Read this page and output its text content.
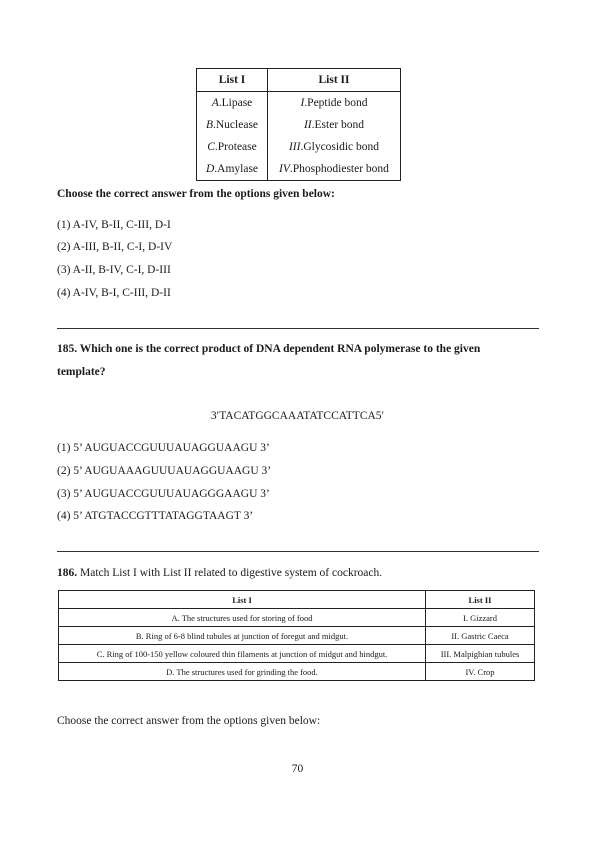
List I	List II
A.Lipase	I.Peptide bond
B.Nuclease	II.Ester bond
C.Protease	III.Glycosidic bond
D.Amylase	IV.Phosphodiester bond
Choose the correct answer from the options given below:
(1) A-IV, B-II, C-III, D-I
(2) A-III, B-II, C-I, D-IV
(3) A-II, B-IV, C-I, D-III
(4) A-IV, B-I, C-III, D-II
185. Which one is the correct product of DNA dependent RNA polymerase to the given
template?
3′TACATGGCAAATATCCATTCA5′
(1) 5’ AUGUACCGUUUAUAGGUAAGU 3’
(2) 5’ AUGUAAAGUUUAUAGGUAAGU 3’
(3) 5’ AUGUACCGUUUAUAGGGAAGU 3’
(4) 5’ ATGTACCGTTTATAGGTAAGT 3’
186. Match List I with List II related to digestive system of cockroach.
List I	List II
A. The structures used for storing of food	I. Gizzard
B. Ring of 6-8 blind tubules at junction of foregut and midgut.	II. Gastric Caeca
C. Ring of 100-150 yellow coloured thin filaments at junction of midgut and hindgut.	III. Malpighian tubules
D. The structures used for grinding the food.	IV. Crop
Choose the correct answer from the options given below:
70
